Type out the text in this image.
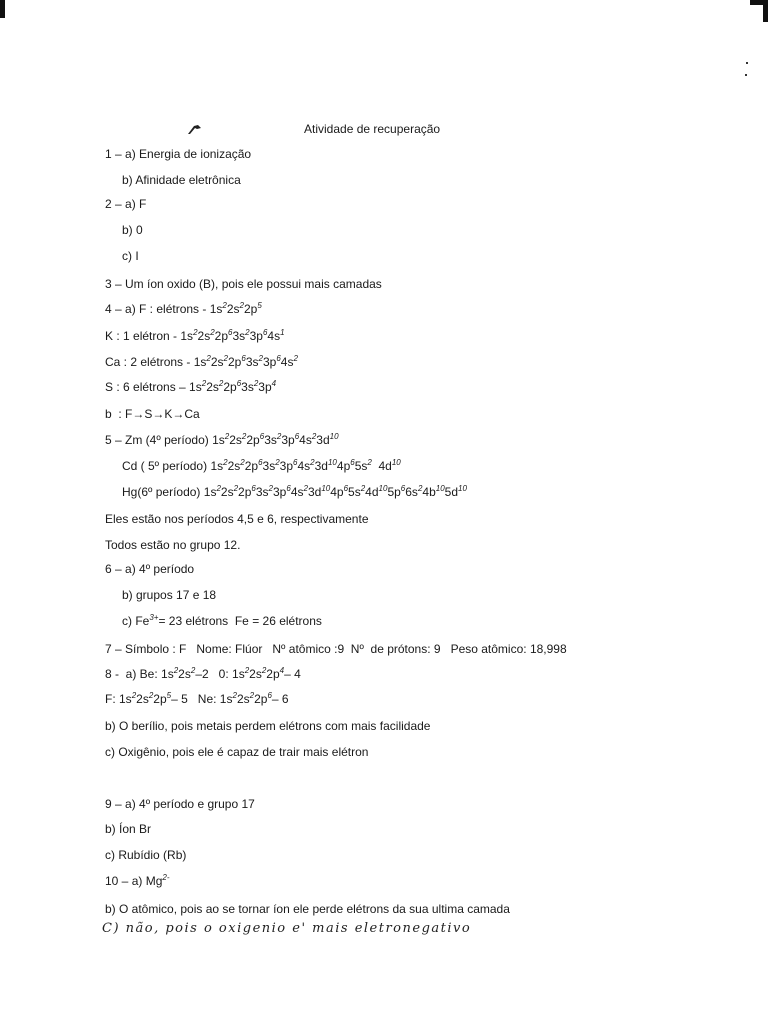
Atividade de recuperação
1 – a) Energia de ionização
b) Afinidade eletrônica
2 – a) F
b) 0
c) I
3 – Um íon oxido (B), pois ele possui mais camadas
4 – a) F : elétrons - $1s^22s^22p^5$
K : 1 elétron - $1s^22s^22p^63s^23p^64s^1$
Ca : 2 elétrons - $1s^22s^22p^63s^23p^64s^2$
S : 6 elétrons – $1s^22s^22p^63s^23p^4$
b  : F→S→K→Ca
5 – Zm (4º período) $1s^22s^22p^63s^23p^64s^23d^{10}$
Cd ( 5º período) $1s^22s^22p^63s^23p^64s^23d^{10}4p^65s^2$  $4d^{10}$
Hg(6º período) $1s^22s^22p^63s^23p^64s^23d^{10}4p^65s^24d^{10}5p^66s^24b^{10}5d^{10}$
Eles estão nos períodos 4,5 e 6, respectivamente
Todos estão no grupo 12.
6 – a) 4º período
b) grupos 17 e 18
c) $Fe^{3+}= 23$ elétrons  Fe = 26 elétrons
7 – Símbolo : F   Nome: Flúor   Nº atômico :9  Nº  de prótons: 9   Peso atômico: 18,998
8 -  a) Be: $1s^22s^2-2$   0: $1s^22s^22p^4-$ 4
F: $1s^22s^22p^5-$ 5   Ne: $1s^22s^22p^6-$ 6
b) O berílio, pois metais perdem elétrons com mais facilidade
c) Oxigênio, pois ele é capaz de trair mais elétron
9 – a) 4º período e grupo 17
b) Íon Br
c) Rubídio (Rb)
10 – a) $Mg^{2-}$
b) O atômico, pois ao se tornar íon ele perde elétrons da sua ultima camada
C) não, pois o oxigenio e' mais eletronegativo
